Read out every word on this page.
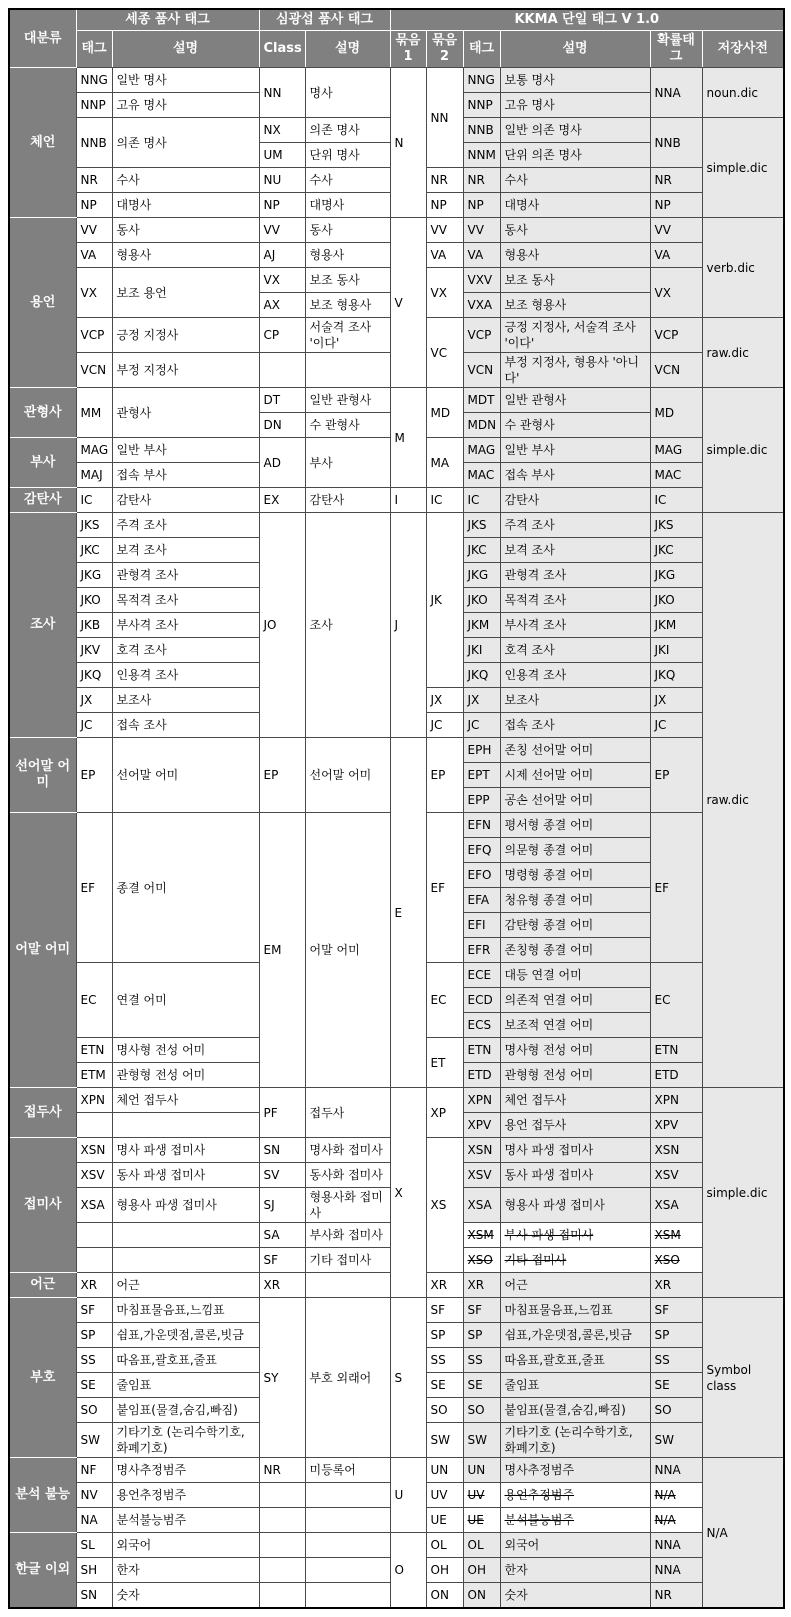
대분류	세종 품사 태그		심광섭 품사 태그		KKMA 단일 태그 V 1.0					
	태그	설명	Class	설명	묶음 1	묶음 2	태그	설명	확률태그	저장사전
체언	NNG	일반 명사	NN	명사	N	NN	NNG	보통 명사	NNA	noun.dic
	NNP	고유 명사					NNP	고유 명사		
	NNB	의존 명사	NX	의존 명사			NNB	일반 의존 명사	NNB	simple.dic
			UM	단위 명사			NNM	단위 의존 명사		
	NR	수사	NU	수사		NR	NR	수사	NR	
	NP	대명사	NP	대명사		NP	NP	대명사	NP	
용언	VV	동사	VV	동사	V	VV	VV	동사	VV	verb.dic
	VA	형용사	AJ	형용사		VA	VA	형용사	VA	
	VX	보조 용언	VX	보조 동사		VX	VXV	보조 동사	VX	
			AX	보조 형용사			VXA	보조 형용사		
	VCP	긍정 지정사	CP	서술격 조사 '이다'		VC	VCP	긍정 지정사, 서술격 조사 '이다'	VCP	raw.dic
	VCN	부정 지정사					VCN	부정 지정사, 형용사 '아니다'	VCN	
관형사	MM	관형사	DT	일반 관형사	M	MD	MDT	일반 관형사	MD	simple.dic
			DN	수 관형사			MDN	수 관형사		
부사	MAG	일반 부사	AD	부사		MA	MAG	일반 부사	MAG	
	MAJ	접속 부사					MAC	접속 부사	MAC	
감탄사	IC	감탄사	EX	감탄사	I	IC	IC	감탄사	IC	
조사	JKS	주격 조사	JO	조사	J	JK	JKS	주격 조사	JKS	raw.dic
	JKC	보격 조사					JKC	보격 조사	JKC	
	JKG	관형격 조사					JKG	관형격 조사	JKG	
	JKO	목적격 조사					JKO	목적격 조사	JKO	
	JKB	부사격 조사					JKM	부사격 조사	JKM	
	JKV	호격 조사					JKI	호격 조사	JKI	
	JKQ	인용격 조사					JKQ	인용격 조사	JKQ	
	JX	보조사				JX	JX	보조사	JX	
	JC	접속 조사				JC	JC	접속 조사	JC	
선어말 어미	EP	선어말 어미	EP	선어말 어미	E	EP	EPH	존칭 선어말 어미	EP	
							EPT	시제 선어말 어미		
							EPP	공손 선어말 어미		
어말 어미	EF	종결 어미	EM	어말 어미		EF	EFN	평서형 종결 어미	EF	
							EFQ	의문형 종결 어미		
							EFO	명령형 종결 어미		
							EFA	청유형 종결 어미		
							EFI	감탄형 종결 어미		
							EFR	존칭형 종결 어미		
	EC	연결 어미				EC	ECE	대등 연결 어미	EC	
							ECD	의존적 연결 어미		
							ECS	보조적 연결 어미		
	ETN	명사형 전성 어미				ET	ETN	명사형 전성 어미	ETN	
	ETM	관형형 전성 어미					ETD	관형형 전성 어미	ETD	
접두사	XPN	체언 접두사	PF	접두사	X	XP	XPN	체언 접두사	XPN	simple.dic
							XPV	용언 접두사	XPV	
접미사	XSN	명사 파생 접미사	SN	명사화 접미사		XS	XSN	명사 파생 접미사	XSN	
	XSV	동사 파생 접미사	SV	동사화 접미사			XSV	동사 파생 접미사	XSV	
	XSA	형용사 파생 접미사	SJ	형용사화 접미사			XSA	형용사 파생 접미사	XSA	
			SA	부사화 접미사			XSM	부사 파생 접미사	XSM	
			SF	기타 접미사			XSO	기타 접미사	XSO	
어근	XR	어근	XR			XR	XR	어근	XR	
부호	SF	마침표물음표,느낌표	SY	부호 외래어	S	SF	SF	마침표물음표,느낌표	SF	Symbol class
	SP	쉼표,가운뎃점,콜론,빗금				SP	SP	쉼표,가운뎃점,콜론,빗금	SP	
	SS	따옴표,괄호표,줄표				SS	SS	따옴표,괄호표,줄표	SS	
	SE	줄임표				SE	SE	줄임표	SE	
	SO	붙임표(물결,숨김,빠짐)				SO	SO	붙임표(물결,숨김,빠짐)	SO	
	SW	기타기호 (논리수학기호, 화폐기호)				SW	SW	기타기호 (논리수학기호, 화폐기호)	SW	
분석 불능	NF	명사추정범주	NR	미등록어	U	UN	UN	명사추정범주	NNA	N/A
	NV	용언추정범주				UV	UV	용언추정범주	N/A	
	NA	분석불능범주				UE	UE	분석불능범주	N/A	
한글 이외	SL	외국어			O	OL	OL	외국어	NNA	
	SH	한자				OH	OH	한자	NNA	
	SN	숫자				ON	ON	숫자	NR	
